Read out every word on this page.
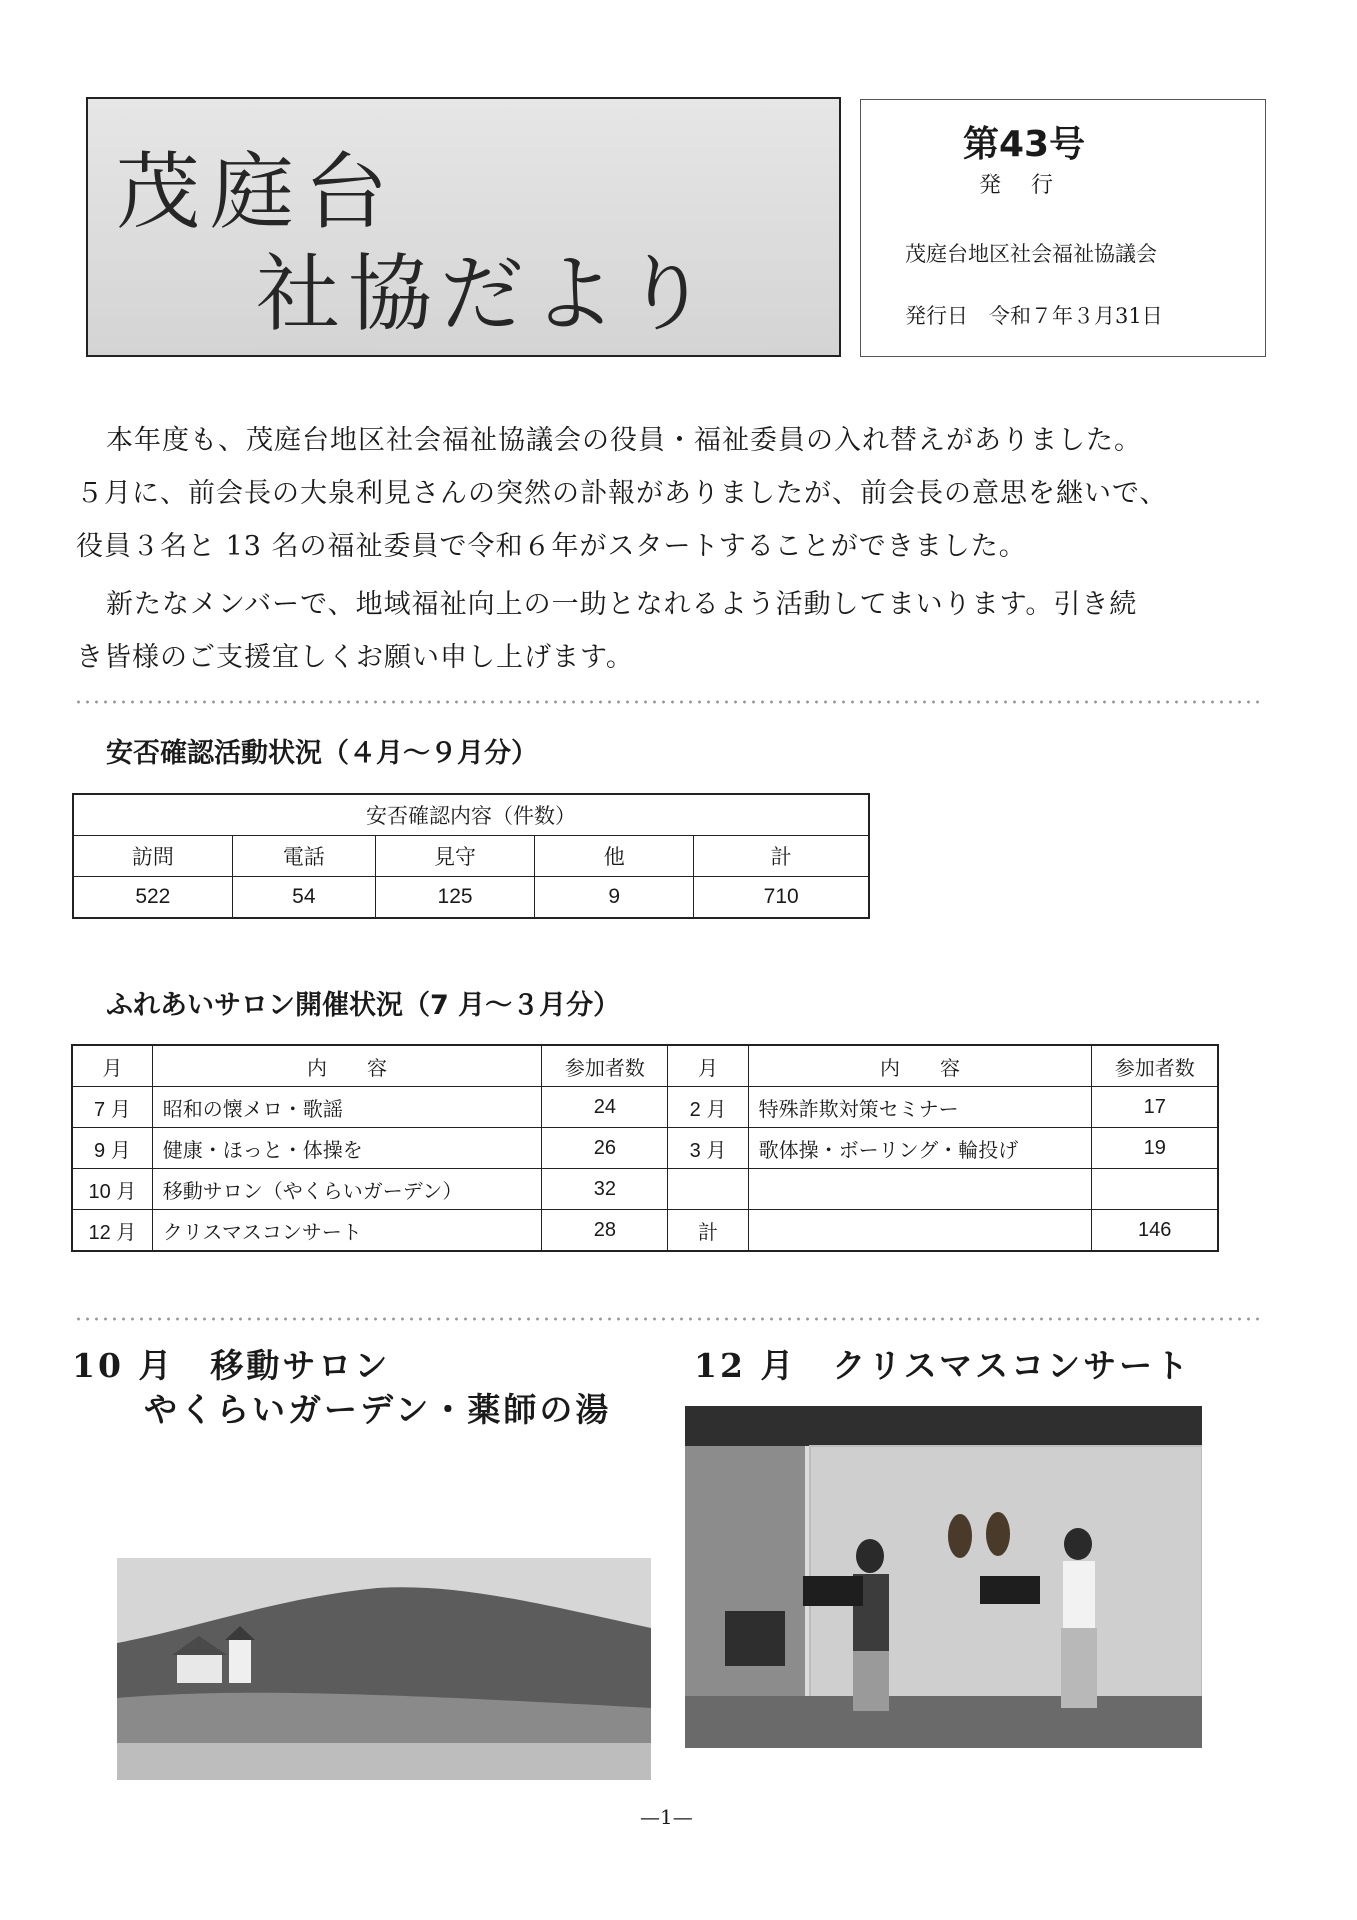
茂庭台
社協だより
第43号
発行
茂庭台地区社会福祉協議会
発行日　令和７年３月31日
本年度も、茂庭台地区社会福祉協議会の役員・福祉委員の入れ替えがありました。
５月に、前会長の大泉利見さんの突然の訃報がありましたが、前会長の意思を継いで、
役員３名と 13 名の福祉委員で令和６年がスタートすることができました。
新たなメンバーで、地域福祉向上の一助となれるよう活動してまいります。引き続
き皆様のご支援宜しくお願い申し上げます。
安否確認活動状況（４月～９月分）
安否確認内容（件数）				
訪問	電話	見守	他	計
522	54	125	9	710
ふれあいサロン開催状況（7 月～３月分）
月	内　　容	参加者数	月	内　　容	参加者数
7 月	昭和の懐メロ・歌謡	24	2 月	特殊詐欺対策セミナー	17
9 月	健康・ほっと・体操を	26	3 月	歌体操・ボーリング・輪投げ	19
10 月	移動サロン（やくらいガーデン）	32			
12 月	クリスマスコンサート	28	計		146
10 月　移動サロン
やくらいガーデン・薬師の湯
12 月　クリスマスコンサート
—1—
